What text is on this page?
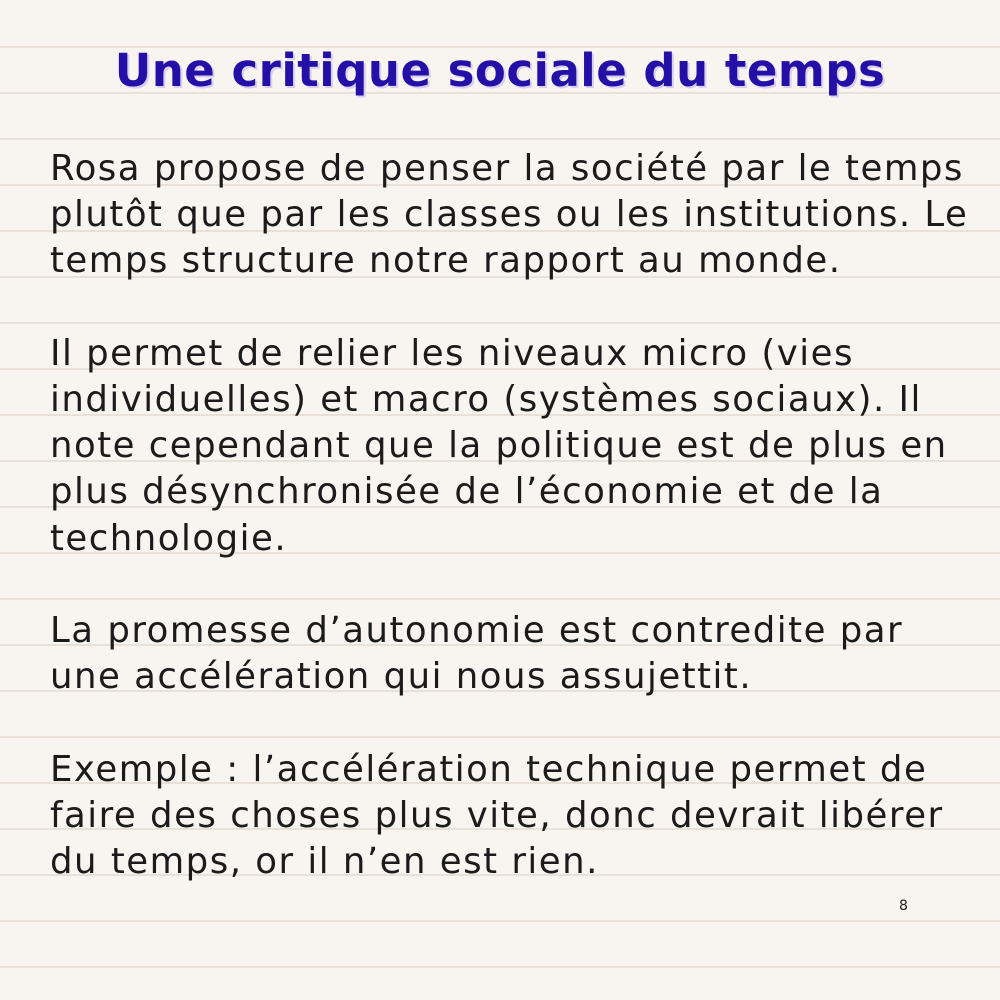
Une critique sociale du temps

Rosa propose de penser la société par le temps plutôt que par les classes ou les institutions. Le temps structure notre rapport au monde.

Il permet de relier les niveaux micro (vies individuelles) et macro (systèmes sociaux). Il note cependant que la politique est de plus en plus désynchronisée de l’économie et de la technologie.

La promesse d’autonomie est contredite par une accélération qui nous assujettit.

Exemple : l’accélération technique permet de faire des choses plus vite, donc devrait libérer du temps, or il n’en est rien.

8
